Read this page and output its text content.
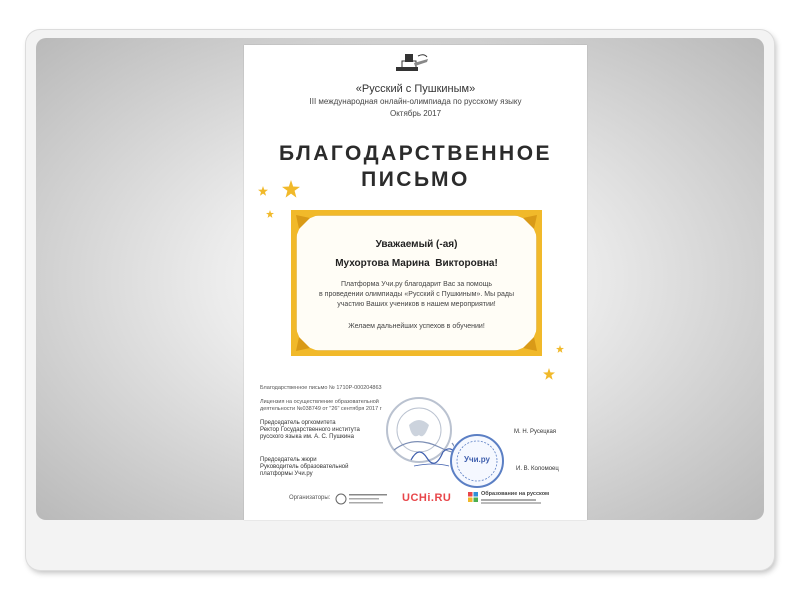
«Русский с Пушкиным»
III международная онлайн-олимпиада по русскому языку
Октябрь 2017
БЛАГОДАРСТВЕННОЕ
ПИСЬМО
Уважаемый (-ая)
Мухортова Марина  Викторовна!
Платформа Учи.ру благодарит Вас за помощь
в проведении олимпиады «Русский с Пушкиным». Мы рады
участию Ваших учеников в нашем мероприятии!
Желаем дальнейших успехов в обучении!
Благодарственное письмо № 1710Р-000204863
Лицензия на осуществление образовательной
деятельности №038749 от "26" сентября 2017 г
Председатель оргкомитета
Ректор Государственного института
русского языка им. А. С. Пушкина
М. Н. Русецкая
Председатель жюри
Руководитель образовательной
платформы Учи.ру
И. В. Коломоец
Учи.ру
Организаторы:	UCHi.RU	Образование на русском
